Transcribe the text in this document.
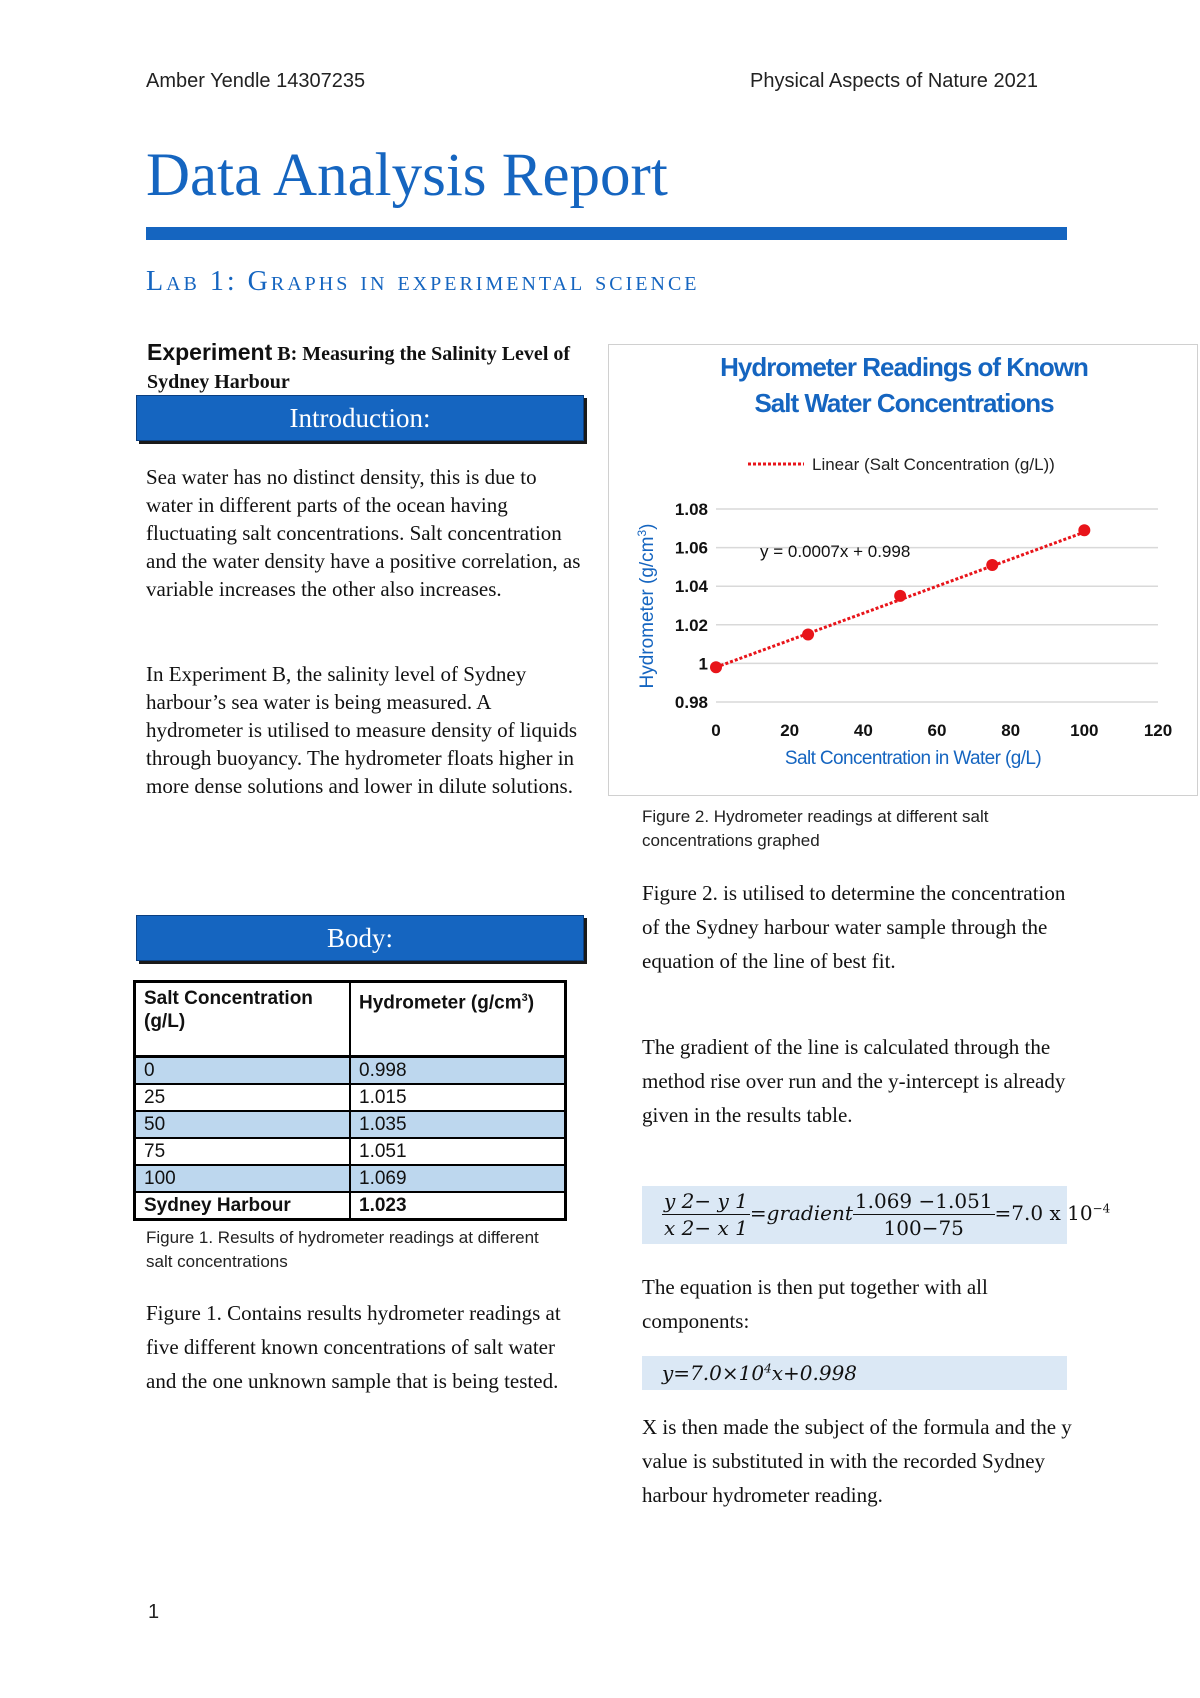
Amber Yendle 14307235	Physical Aspects of Nature 2021
Data Analysis Report
Lab 1: Graphs in experimental science
Experiment B: Measuring the Salinity Level of Sydney Harbour
Introduction:
Sea water has no distinct density, this is due to water in different parts of the ocean having fluctuating salt concentrations. Salt concentration and the water density have a positive correlation, as variable increases the other also increases.
In Experiment B, the salinity level of Sydney harbour’s sea water is being measured. A hydrometer is utilised to measure density of liquids through buoyancy. The hydrometer floats higher in more dense solutions and lower in dilute solutions.
Body:
Salt Concentration (g/L)	Hydrometer $(g/cm^3)$
0	0.998
25	1.015
50	1.035
75	1.051
100	1.069
Sydney Harbour	1.023
Figure 1. Results of hydrometer readings at different salt concentrations
Figure 1. Contains results hydrometer readings at five different known concentrations of salt water and the one unknown sample that is being tested.
Hydrometer Readings of Known
Salt Water Concentrations
Linear (Salt Concentration (g/L))
0.98
1
1.02
1.04
1.06
1.08
0	20	40	60	80	100	120
y = 0.0007x + 0.998
Salt Concentration in Water (g/L)
Hydrometer $(g/cm^3)$
Figure 2. Hydrometer readings at different salt concentrations graphed
Figure 2. is utilised to determine the concentration of the Sydney harbour water sample through the equation of the line of best fit.
The gradient of the line is calculated through the method rise over run and the y-intercept is already given in the results table.
$\frac{y 2- y 1}{x 2- x 1}$ =gradient $\frac{1.069 -1.051}{100-75} =7.0$ x $10^{-4}$
The equation is then put together with all components:
$y=7.0\times 10^4x+0.998$
X is then made the subject of the formula and the y value is substituted in with the recorded Sydney harbour hydrometer reading.
1
